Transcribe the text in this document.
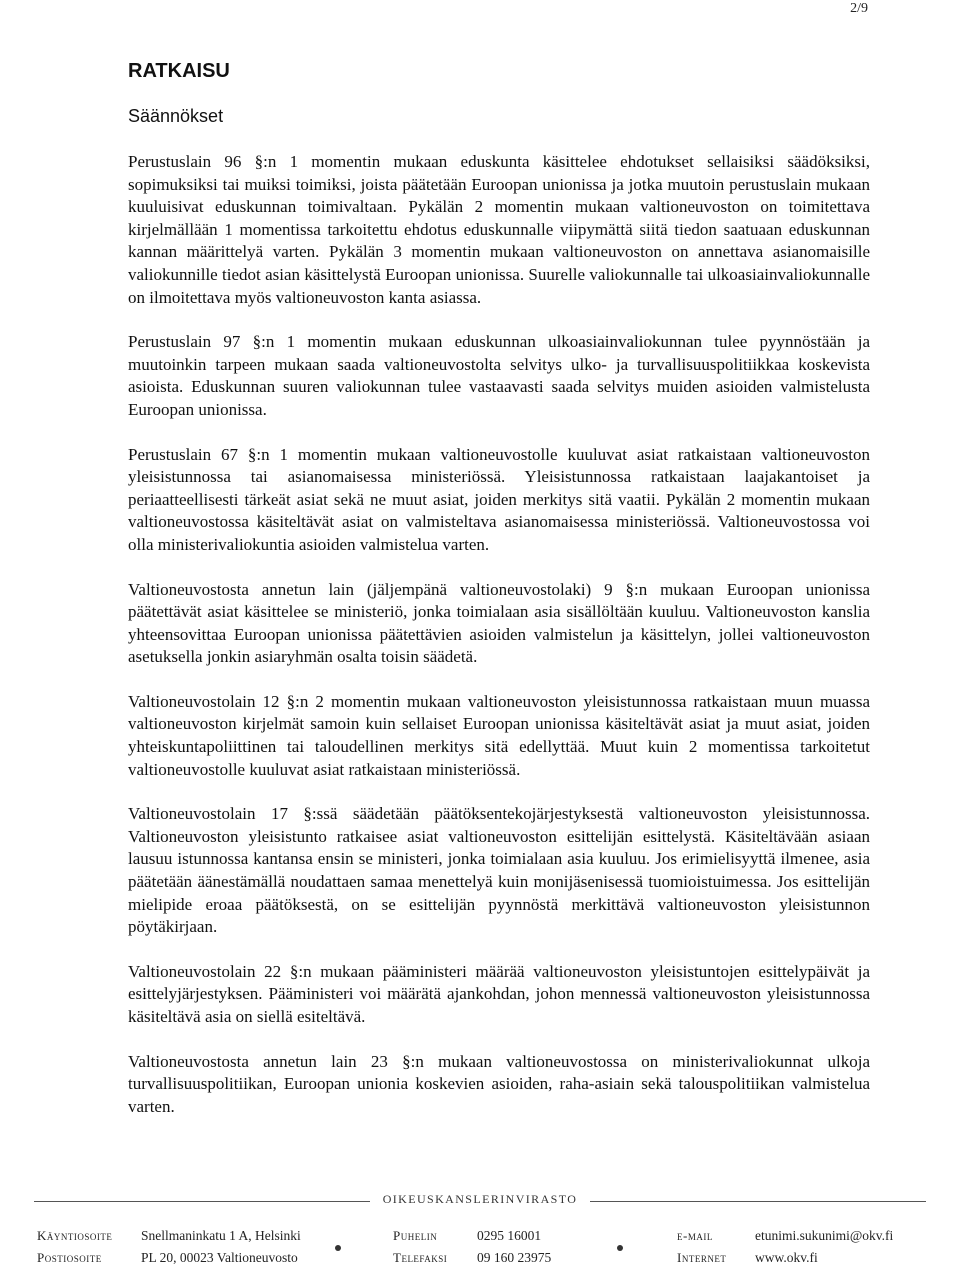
2/9
RATKAISU
Säännökset

Perustuslain 96 §:n 1 momentin mukaan eduskunta käsittelee ehdotukset sellaisiksi säädöksiksi, sopimuksiksi tai muiksi toimiksi, joista päätetään Euroopan unionissa ja jotka muutoin perustuslain mukaan kuuluisivat eduskunnan toimivaltaan. Pykälän 2 momentin mukaan valtioneuvoston on toimitettava kirjelmällään 1 momentissa tarkoitettu ehdotus eduskunnalle viipymättä siitä tiedon saatuaan eduskunnan kannan määrittelyä varten. Pykälän 3 momentin mukaan valtioneuvoston on annettava asianomaisille valiokunnille tiedot asian käsittelystä Euroopan unionissa. Suurelle valiokunnalle tai ulkoasiainvaliokunnalle on ilmoitettava myös valtioneuvoston kanta asiassa.

Perustuslain 97 §:n 1 momentin mukaan eduskunnan ulkoasiainvaliokunnan tulee pyynnöstään ja muutoinkin tarpeen mukaan saada valtioneuvostolta selvitys ulko- ja turvallisuuspolitiikkaa koskevista asioista. Eduskunnan suuren valiokunnan tulee vastaavasti saada selvitys muiden asioiden valmistelusta Euroopan unionissa.

Perustuslain 67 §:n 1 momentin mukaan valtioneuvostolle kuuluvat asiat ratkaistaan valtioneuvoston yleisistunnossa tai asianomaisessa ministeriössä. Yleisistunnossa ratkaistaan laajakantoiset ja periaatteellisesti tärkeät asiat sekä ne muut asiat, joiden merkitys sitä vaatii. Pykälän 2 momentin mukaan valtioneuvostossa käsiteltävät asiat on valmisteltava asianomaisessa ministeriössä. Valtioneuvostossa voi olla ministerivaliokuntia asioiden valmistelua varten.

Valtioneuvostosta annetun lain (jäljempänä valtioneuvostolaki) 9 §:n mukaan Euroopan unionissa päätettävät asiat käsittelee se ministeriö, jonka toimialaan asia sisällöltään kuuluu. Valtioneuvoston kanslia yhteensovittaa Euroopan unionissa päätettävien asioiden valmistelun ja käsittelyn, jollei valtioneuvoston asetuksella jonkin asiaryhmän osalta toisin säädetä.

Valtioneuvostolain 12 §:n 2 momentin mukaan valtioneuvoston yleisistunnossa ratkaistaan muun muassa valtioneuvoston kirjelmät samoin kuin sellaiset Euroopan unionissa käsiteltävät asiat ja muut asiat, joiden yhteiskuntapoliittinen tai taloudellinen merkitys sitä edellyttää. Muut kuin 2 momentissa tarkoitetut valtioneuvostolle kuuluvat asiat ratkaistaan ministeriössä.

Valtioneuvostolain 17 §:ssä säädetään päätöksentekojärjestyksestä valtioneuvoston yleisistunnossa. Valtioneuvoston yleisistunto ratkaisee asiat valtioneuvoston esittelijän esittelystä. Käsiteltävään asiaan lausuu istunnossa kantansa ensin se ministeri, jonka toimialaan asia kuuluu. Jos erimielisyyttä ilmenee, asia päätetään äänestämällä noudattaen samaa menettelyä kuin monijäsenisessä tuomioistuimessa. Jos esittelijän mielipide eroaa päätöksestä, on se esittelijän pyynnöstä merkittävä valtioneuvoston yleisistunnon pöytäkirjaan.

Valtioneuvostolain 22 §:n mukaan pääministeri määrää valtioneuvoston yleisistuntojen esittelypäivät ja esittelyjärjestyksen. Pääministeri voi määrätä ajankohdan, johon mennessä valtioneuvoston yleisistunnossa käsiteltävä asia on siellä esiteltävä.

Valtioneuvostosta annetun lain 23 §:n mukaan valtioneuvostossa on ministerivaliokunnat ulkoja turvallisuuspolitiikan, Euroopan unionia koskevien asioiden, raha-asiain sekä talouspolitiikan valmistelua varten.

OIKEUSKANSLERINVIRASTO
Käyntiosoite Snellmaninkatu 1 A, Helsinki	Puhelin	0295 16001	e-mail	etunimi.sukunimi@okv.fi
Postiosoite	PL 20, 00023 Valtioneuvosto	Telefaksi 09 160 23975	Internet www.okv.fi
